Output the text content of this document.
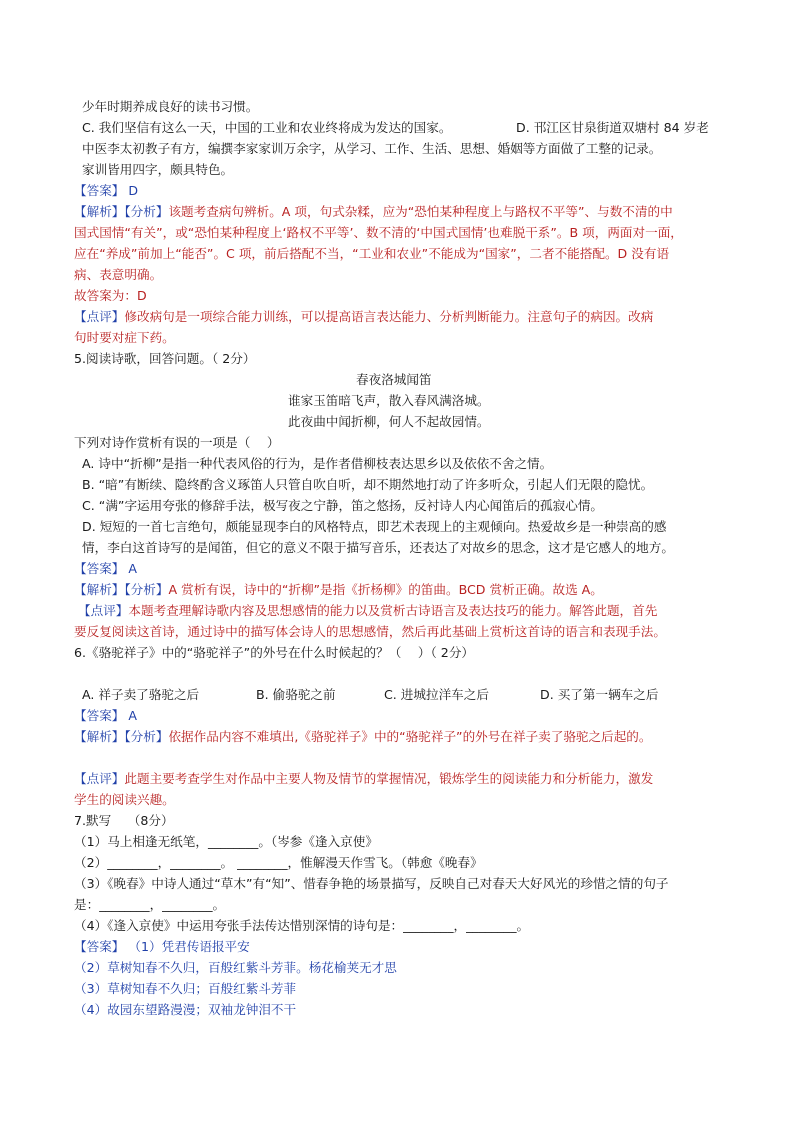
少年时期养成良好的读书习惯。
C. 我们坚信有这么一天，中国的工业和农业终将成为发达的国家。	D. 邗江区甘泉街道双塘村 84 岁老
中医李太初教子有方，编撰李家家训万余字，从学习、工作、生活、思想、婚姻等方面做了工整的记录。
家训皆用四字，颇具特色。
【答案】 D
【解析】【分析】该题考查病句辨析。A 项，句式杂糅，应为“恐怕某种程度上与路权不平等”、与数不清的中
国式国情“有关”，或“恐怕某种程度上‘路权不平等’、数不清的‘中国式国情’也难脱干系”。B 项，两面对一面，
应在“养成”前加上“能否”。C 项，前后搭配不当，“工业和农业”不能成为“国家”，二者不能搭配。D 没有语
病、表意明确。
故答案为：D
【点评】修改病句是一项综合能力训练，可以提高语言表达能力、分析判断能力。注意句子的病因。改病
句时要对症下药。
5.阅读诗歌，回答问题。（ 2分）
春夜洛城闻笛
谁家玉笛暗飞声，散入春风满洛城。
此夜曲中闻折柳，何人不起故园情。
下列对诗作赏析有误的一项是（　 ）
A. 诗中“折柳”是指一种代表风俗的行为，是作者借柳枝表达思乡以及依依不舍之情。
B. “暗”有断续、隐终酌含义琢笛人只管自吹自听，却不期然地打动了许多听众，引起人们无限的隐忧。
C. “满”字运用夸张的修辞手法，极写夜之宁静，笛之悠扬，反衬诗人内心闻笛后的孤寂心情。
D. 短短的一首七言绝句，颇能显现李白的风格特点，即艺术表现上的主观倾向。热爱故乡是一种崇高的感
情，李白这首诗写的是闻笛，但它的意义不限于描写音乐，还表达了对故乡的思念，这才是它感人的地方。
【答案】 A
【解析】【分析】A 赏析有误，诗中的“折柳”是指《折杨柳》的笛曲。BCD 赏析正确。故选 A。
【点评】本题考查理解诗歌内容及思想感情的能力以及赏析古诗语言及表达技巧的能力。解答此题，首先
要反复阅读这首诗，通过诗中的描写体会诗人的思想感情，然后再此基础上赏析这首诗的语言和表现手法。
6.《骆驼祥子》中的“骆驼祥子”的外号在什么时候起的？（　 ）（ 2分）
A. 祥子卖了骆驼之后	B. 偷骆驼之前	C. 进城拉洋车之后	D. 买了第一辆车之后
【答案】 A
【解析】【分析】依据作品内容不难填出,《骆驼祥子》中的“骆驼祥子”的外号在祥子卖了骆驼之后起的。
【点评】此题主要考查学生对作品中主要人物及情节的掌握情况，锻炼学生的阅读能力和分析能力，激发
学生的阅读兴趣。
7.默写　 （8分）
（1）马上相逢无纸笔，________。（岑参《逢入京使》
（2）________，________。 ________，惟解漫天作雪飞。（韩愈《晚春》
（3）《晚春》中诗人通过“草木”有“知”、惜春争艳的场景描写，反映自己对春天大好风光的珍惜之情的句子
是：________，________。
（4）《逢入京使》中运用夸张手法传达惜别深情的诗句是：________，________。
【答案】 （1）凭君传语报平安
（2）草树知春不久归，百般红紫斗芳菲。杨花榆荚无才思
（3）草树知春不久归；百般红紫斗芳菲
（4）故园东望路漫漫；双袖龙钟泪不干
